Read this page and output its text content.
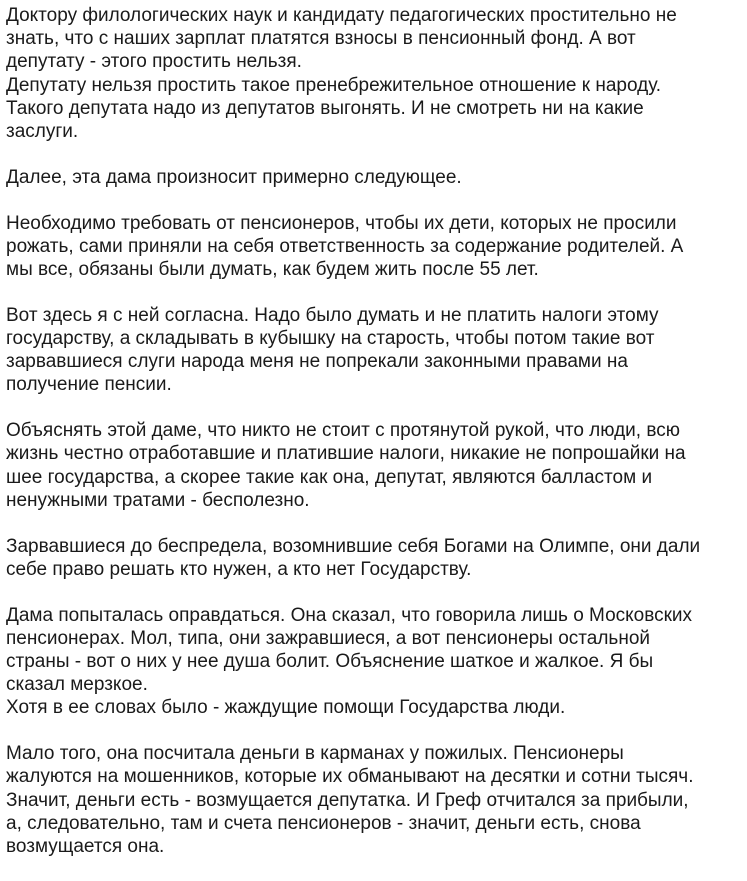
Доктору филологических наук и кандидату педагогических простительно не
знать, что с наших зарплат платятся взносы в пенсионный фонд. А вот
депутату - этого простить нельзя.
Депутату нельзя простить такое пренебрежительное отношение к народу.
Такого депутата надо из депутатов выгонять. И не смотреть ни на какие
заслуги.

Далее, эта дама произносит примерно следующее.

Необходимо требовать от пенсионеров, чтобы их дети, которых не просили
рожать, сами приняли на себя ответственность за содержание родителей. А
мы все, обязаны были думать, как будем жить после 55 лет.

Вот здесь я с ней согласна. Надо было думать и не платить налоги этому
государству, а складывать в кубышку на старость, чтобы потом такие вот
зарвавшиеся слуги народа меня не попрекали законными правами на
получение пенсии.

Объяснять этой даме, что никто не стоит с протянутой рукой, что люди, всю
жизнь честно отработавшие и платившие налоги, никакие не попрошайки на
шее государства, а скорее такие как она, депутат, являются балластом и
ненужными тратами - бесполезно.

Зарвавшиеся до беспредела, возомнившие себя Богами на Олимпе, они дали
себе право решать кто нужен, а кто нет Государству.

Дама попыталась оправдаться. Она сказал, что говорила лишь о Московских
пенсионерах. Мол, типа, они зажравшиеся, а вот пенсионеры остальной
страны - вот о них у нее душа болит. Объяснение шаткое и жалкое. Я бы
сказал мерзкое.
Хотя в ее словах было - жаждущие помощи Государства люди.

Мало того, она посчитала деньги в карманах у пожилых. Пенсионеры
жалуются на мошенников, которые их обманывают на десятки и сотни тысяч.
Значит, деньги есть - возмущается депутатка. И Греф отчитался за прибыли,
а, следовательно, там и счета пенсионеров - значит, деньги есть, снова
возмущается она.
